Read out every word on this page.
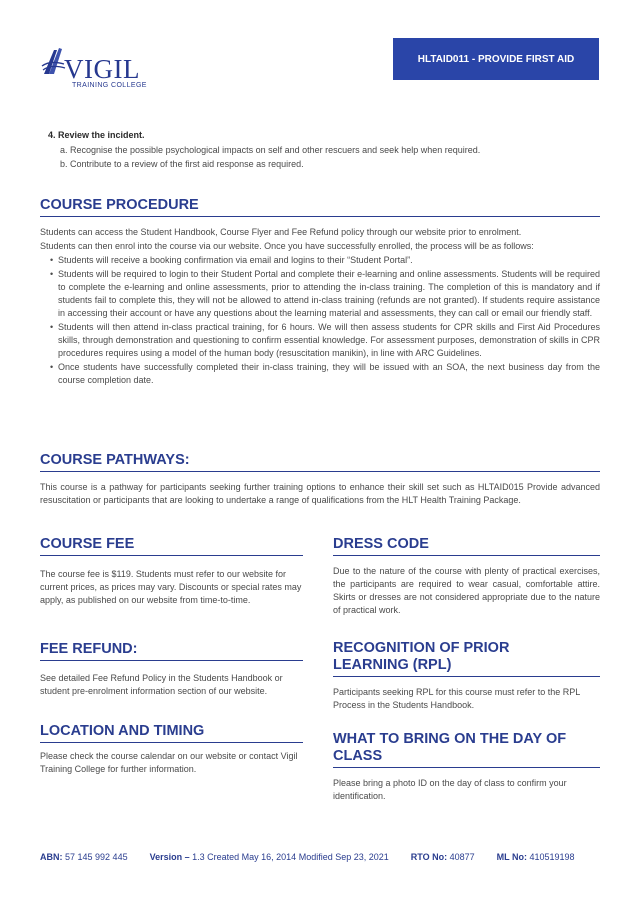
VIGIL
TRAINING COLLEGE
HLTAID011 - PROVIDE FIRST AID
4. Review the incident.
a. Recognise the possible psychological impacts on self and other rescuers and seek help when required.
b. Contribute to a review of the first aid response as required.
COURSE PROCEDURE

Students can access the Student Handbook, Course Flyer and Fee Refund policy through our website prior to enrolment.

Students can then enrol into the course via our website. Once you have successfully enrolled, the process will be as follows:

• Students will receive a booking confirmation via email and logins to their “Student Portal”.
• Students will be required to login to their Student Portal and complete their e-learning and online assessments. Students will be required to complete the e-learning and online assessments, prior to attending the in-class training. The completion of this is mandatory and if students fail to complete this, they will not be allowed to attend in-class training (refunds are not granted). If students require assistance in accessing their account or have any questions about the learning material and assessments, they can call or email our friendly staff.
• Students will then attend in-class practical training, for 6 hours. We will then assess students for CPR skills and First Aid Procedures skills, through demonstration and questioning to confirm essential knowledge. For assessment purposes, demonstration of skills in CPR procedures requires using a model of the human body (resuscitation manikin), in line with ARC Guidelines.
• Once students have successfully completed their in-class training, they will be issued with an SOA, the next business day from the course completion date.
COURSE PATHWAYS:

This course is a pathway for participants seeking further training options to enhance their skill set such as HLTAID015 Provide advanced resuscitation or participants that are looking to undertake a range of qualifications from the HLT Health Training Package.

COURSE FEE

The course fee is $119. Students must refer to our website for current prices, as prices may vary. Discounts or special rates may apply, as published on our website from time-to-time.

FEE REFUND:

See detailed Fee Refund Policy in the Students Handbook or student pre-enrolment information section of our website.

LOCATION AND TIMING

Please check the course calendar on our website or contact Vigil Training College for further information.

DRESS CODE

Due to the nature of the course with plenty of practical exercises, the participants are required to wear casual, comfortable attire. Skirts or dresses are not considered appropriate due to the nature of practical work.

RECOGNITION OF PRIOR LEARNING (RPL)

Participants seeking RPL for this course must refer to the RPL Process in the Students Handbook.

WHAT TO BRING ON THE DAY OF CLASS

Please bring a photo ID on the day of class to confirm your identification.

ABN: 57 145 992 445 Version – 1.3 Created May 16, 2014 Modified Sep 23, 2021 RTO No: 40877 ML No: 410519198
